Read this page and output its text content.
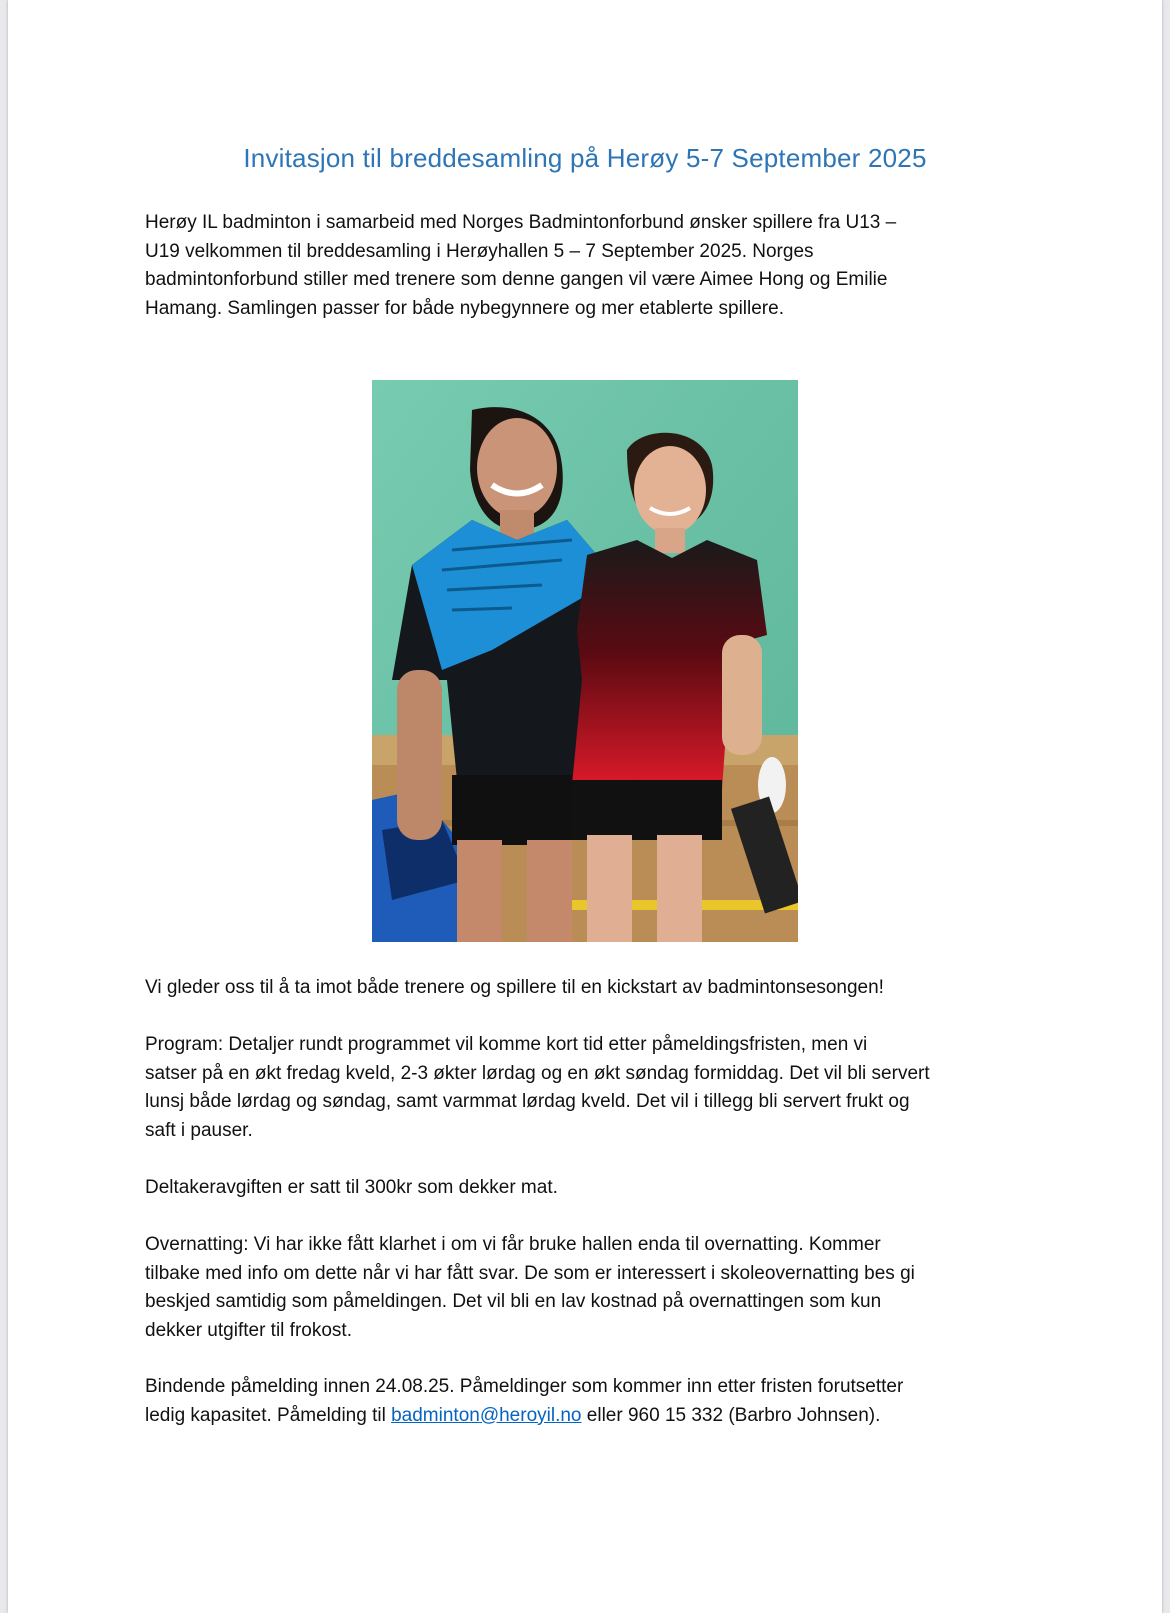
Invitasjon til breddesamling på Herøy 5-7 September 2025
Herøy IL badminton i samarbeid med Norges Badmintonforbund ønsker spillere fra U13 –
U19 velkommen til breddesamling i Herøyhallen 5 – 7 September 2025. Norges
badmintonforbund stiller med trenere som denne gangen vil være Aimee Hong og Emilie
Hamang. Samlingen passer for både nybegynnere og mer etablerte spillere.

Vi gleder oss til å ta imot både trenere og spillere til en kickstart av badmintonsesongen!

Program: Detaljer rundt programmet vil komme kort tid etter påmeldingsfristen, men vi
satser på en økt fredag kveld, 2-3 økter lørdag og en økt søndag formiddag. Det vil bli servert
lunsj både lørdag og søndag, samt varmmat lørdag kveld. Det vil i tillegg bli servert frukt og
saft i pauser.

Deltakeravgiften er satt til 300kr som dekker mat.

Overnatting: Vi har ikke fått klarhet i om vi får bruke hallen enda til overnatting. Kommer
tilbake med info om dette når vi har fått svar. De som er interessert i skoleovernatting bes gi
beskjed samtidig som påmeldingen. Det vil bli en lav kostnad på overnattingen som kun
dekker utgifter til frokost.
Bindende påmelding innen 24.08.25. Påmeldinger som kommer inn etter fristen forutsetter
ledig kapasitet. Påmelding til badminton@heroyil.no eller 960 15 332 (Barbro Johnsen).
